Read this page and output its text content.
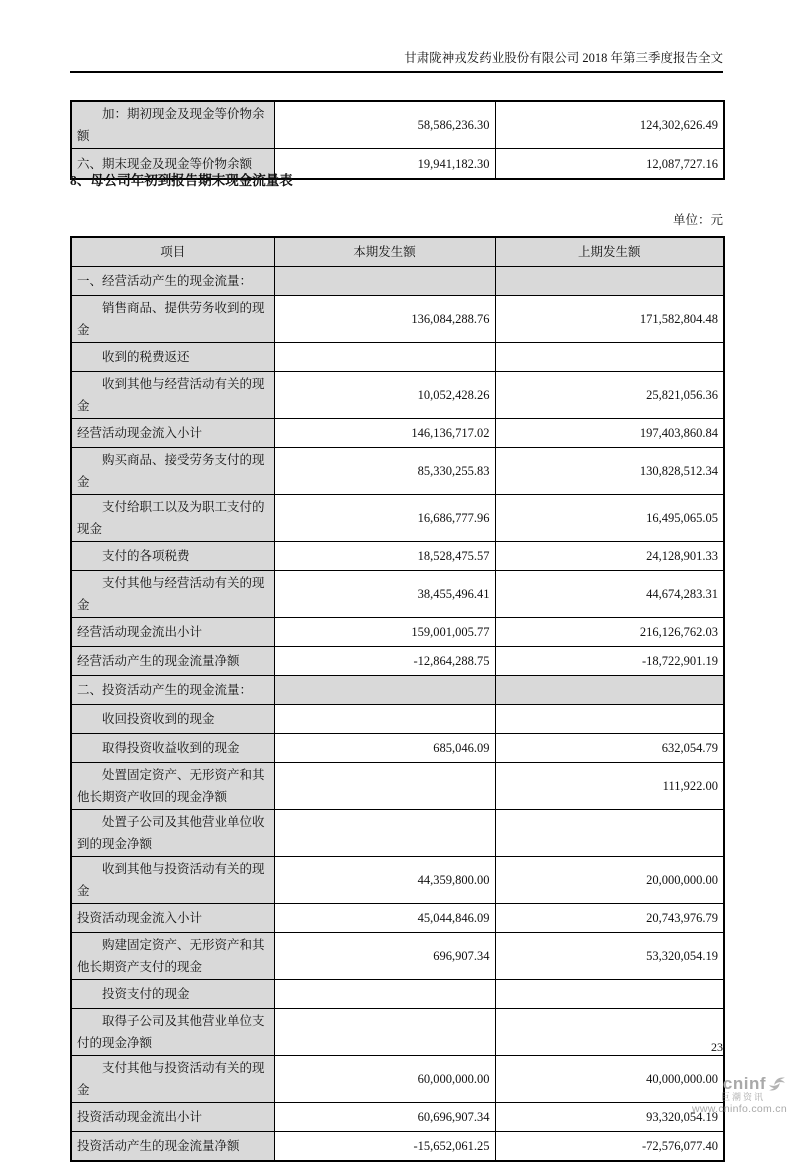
甘肃陇神戎发药业股份有限公司 2018 年第三季度报告全文
加：期初现金及现金等价物余额	58,586,236.30	124,302,626.49
六、期末现金及现金等价物余额	19,941,182.30	12,087,727.16
8、母公司年初到报告期末现金流量表
单位：元
项目	本期发生额	上期发生额
一、经营活动产生的现金流量：		
销售商品、提供劳务收到的现金	136,084,288.76	171,582,804.48
收到的税费返还		
收到其他与经营活动有关的现金	10,052,428.26	25,821,056.36
经营活动现金流入小计	146,136,717.02	197,403,860.84
购买商品、接受劳务支付的现金	85,330,255.83	130,828,512.34
支付给职工以及为职工支付的现金	16,686,777.96	16,495,065.05
支付的各项税费	18,528,475.57	24,128,901.33
支付其他与经营活动有关的现金	38,455,496.41	44,674,283.31
经营活动现金流出小计	159,001,005.77	216,126,762.03
经营活动产生的现金流量净额	-12,864,288.75	-18,722,901.19
二、投资活动产生的现金流量：		
收回投资收到的现金		
取得投资收益收到的现金	685,046.09	632,054.79
处置固定资产、无形资产和其他长期资产收回的现金净额		111,922.00
处置子公司及其他营业单位收到的现金净额		
收到其他与投资活动有关的现金	44,359,800.00	20,000,000.00
投资活动现金流入小计	45,044,846.09	20,743,976.79
购建固定资产、无形资产和其他长期资产支付的现金	696,907.34	53,320,054.19
投资支付的现金		
取得子公司及其他营业单位支付的现金净额		
支付其他与投资活动有关的现金	60,000,000.00	40,000,000.00
投资活动现金流出小计	60,696,907.34	93,320,054.19
投资活动产生的现金流量净额	-15,652,061.25	-72,576,077.40
23
cninf
巨潮资讯
www.cninfo.com.cn
